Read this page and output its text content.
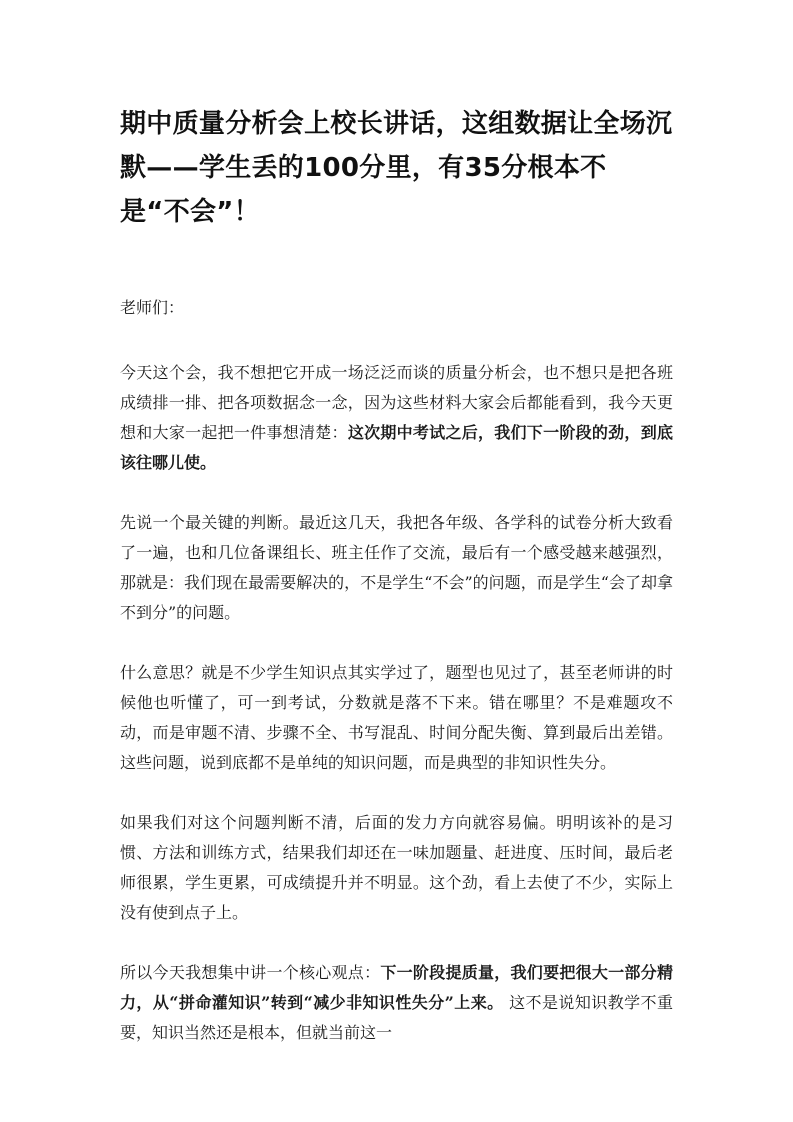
期中质量分析会上校长讲话，这组数据让全场沉默——学生丢的100分里，有35分根本不是“不会”！

老师们：

今天这个会，我不想把它开成一场泛泛而谈的质量分析会，也不想只是把各班成绩排一排、把各项数据念一念，因为这些材料大家会后都能看到，我今天更想和大家一起把一件事想清楚：这次期中考试之后，我们下一阶段的劲，到底该往哪儿使。

先说一个最关键的判断。最近这几天，我把各年级、各学科的试卷分析大致看了一遍，也和几位备课组长、班主任作了交流，最后有一个感受越来越强烈，那就是：我们现在最需要解决的，不是学生“不会”的问题，而是学生“会了却拿不到分”的问题。

什么意思？就是不少学生知识点其实学过了，题型也见过了，甚至老师讲的时候他也听懂了，可一到考试，分数就是落不下来。错在哪里？不是难题攻不动，而是审题不清、步骤不全、书写混乱、时间分配失衡、算到最后出差错。这些问题，说到底都不是单纯的知识问题，而是典型的非知识性失分。

如果我们对这个问题判断不清，后面的发力方向就容易偏。明明该补的是习惯、方法和训练方式，结果我们却还在一味加题量、赶进度、压时间，最后老师很累，学生更累，可成绩提升并不明显。这个劲，看上去使了不少，实际上没有使到点子上。

所以今天我想集中讲一个核心观点：下一阶段提质量，我们要把很大一部分精力，从“拼命灌知识”转到“减少非知识性失分”上来。 这不是说知识教学不重要，知识当然还是根本，但就当前这一
